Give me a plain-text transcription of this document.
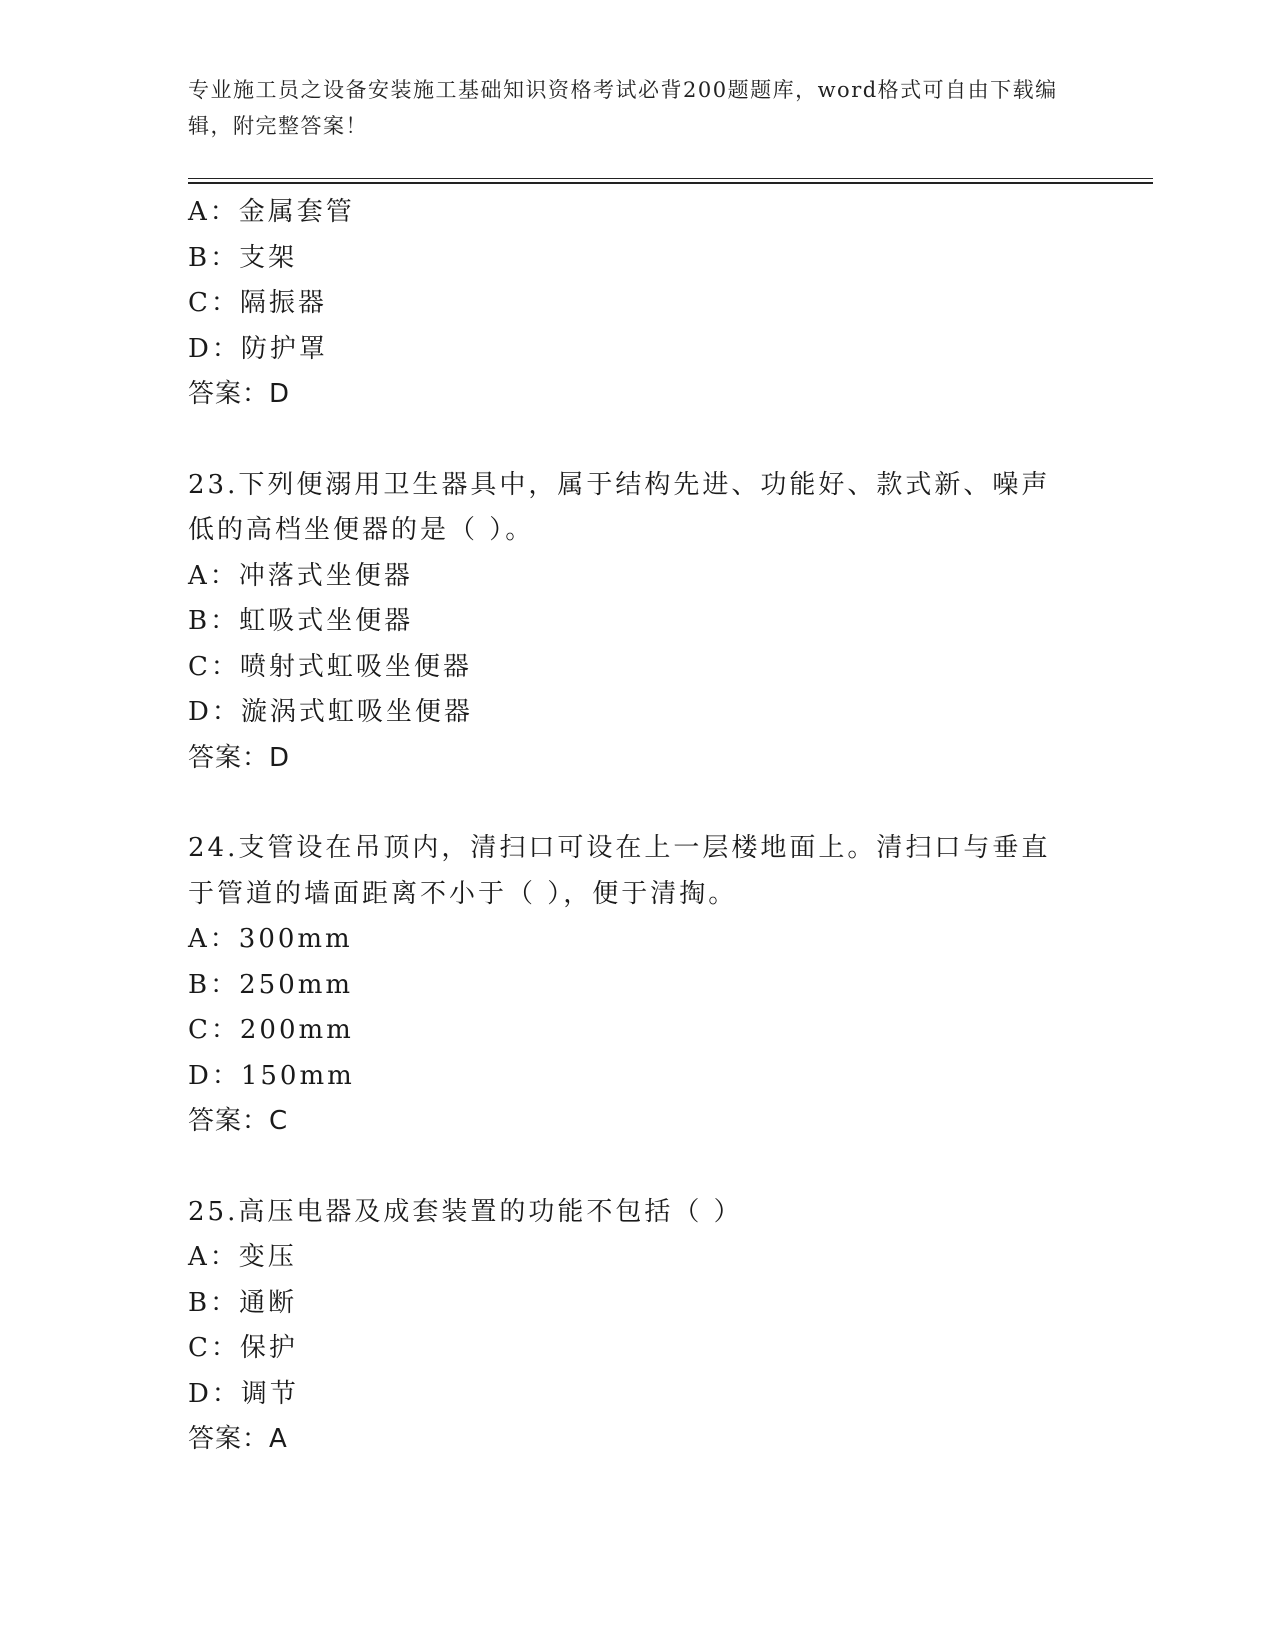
专业施工员之设备安装施工基础知识资格考试必背200题题库，word格式可自由下载编辑，附完整答案！
A：金属套管
B：支架
C：隔振器
D：防护罩
答案：D
23.下列便溺用卫生器具中，属于结构先进、功能好、款式新、噪声低的高档坐便器的是（ ）。
A：冲落式坐便器
B：虹吸式坐便器
C：喷射式虹吸坐便器
D：漩涡式虹吸坐便器
答案：D
24.支管设在吊顶内，清扫口可设在上一层楼地面上。清扫口与垂直于管道的墙面距离不小于（ ），便于清掏。
A：300mm
B：250mm
C：200mm
D：150mm
答案：C
25.高压电器及成套装置的功能不包括（ ）
A：变压
B：通断
C：保护
D：调节
答案：A
